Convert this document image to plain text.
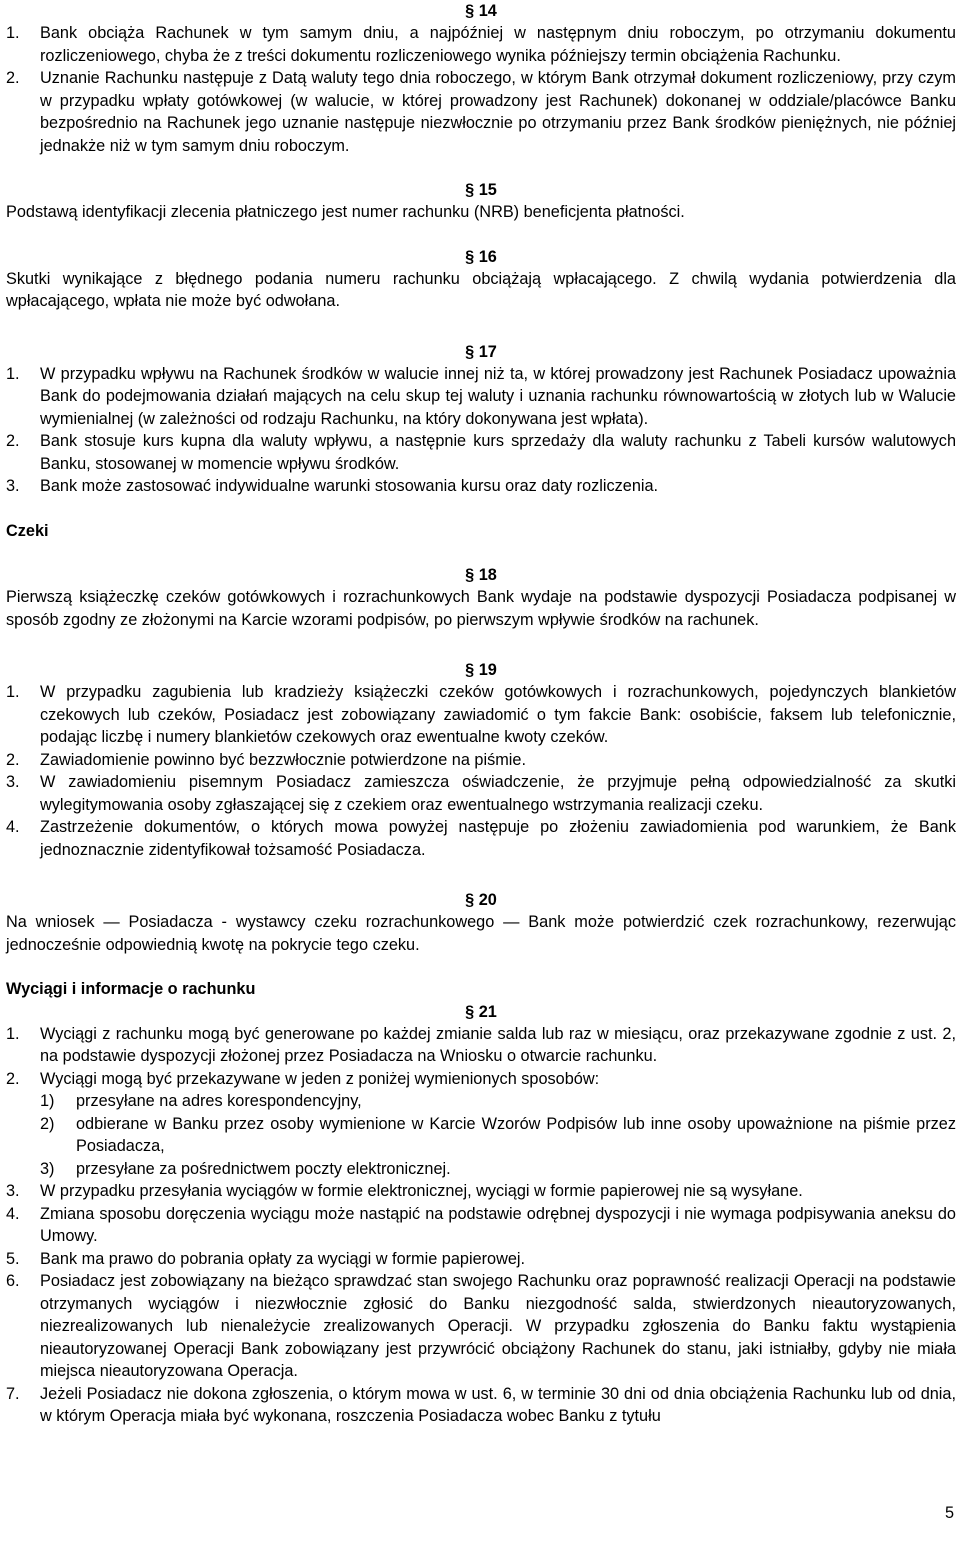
§ 14
1.	Bank obciąża Rachunek w tym samym dniu, a najpóźniej w następnym dniu roboczym, po otrzymaniu dokumentu rozliczeniowego, chyba że z treści dokumentu rozliczeniowego wynika późniejszy termin obciążenia Rachunku.
2.	Uznanie Rachunku następuje z Datą waluty tego dnia roboczego, w którym Bank otrzymał dokument rozliczeniowy, przy czym w przypadku wpłaty gotówkowej (w walucie, w której prowadzony jest Rachunek) dokonanej w oddziale/placówce Banku bezpośrednio na Rachunek jego uznanie następuje niezwłocznie po otrzymaniu przez Bank środków pieniężnych, nie później jednakże niż w tym samym dniu roboczym.
§ 15

Podstawą identyfikacji zlecenia płatniczego jest numer rachunku (NRB) beneficjenta płatności.

§ 16

Skutki wynikające z błędnego podania numeru rachunku obciążają wpłacającego. Z chwilą wydania potwierdzenia dla wpłacającego, wpłata nie może być odwołana.

§ 17
1.	W przypadku wpływu na Rachunek środków w walucie innej niż ta, w której prowadzony jest Rachunek Posiadacz upoważnia Bank do podejmowania działań mających na celu skup tej waluty i uznania rachunku równowartością w złotych lub w Walucie wymienialnej (w zależności od rodzaju Rachunku, na który dokonywana jest wpłata).
2.	Bank stosuje kurs kupna dla waluty wpływu, a następnie kurs sprzedaży dla waluty rachunku z Tabeli kursów walutowych Banku, stosowanej w momencie wpływu środków.
3.	Bank może zastosować indywidualne warunki stosowania kursu oraz daty rozliczenia.
Czeki
§ 18

Pierwszą książeczkę czeków gotówkowych i rozrachunkowych Bank wydaje na podstawie dyspozycji Posiadacza podpisanej w sposób zgodny ze złożonymi na Karcie wzorami podpisów, po pierwszym wpływie środków na rachunek.

§ 19
1.	W przypadku zagubienia lub kradzieży książeczki czeków gotówkowych i rozrachunkowych, pojedynczych blankietów czekowych lub czeków, Posiadacz jest zobowiązany zawiadomić o tym fakcie Bank: osobiście, faksem lub telefonicznie, podając liczbę i numery blankietów czekowych oraz ewentualne kwoty czeków.
2.	Zawiadomienie powinno być bezzwłocznie potwierdzone na piśmie.
3.	W zawiadomieniu pisemnym Posiadacz zamieszcza oświadczenie, że przyjmuje pełną odpowiedzialność za skutki wylegitymowania osoby zgłaszającej się z czekiem oraz ewentualnego wstrzymania realizacji czeku.
4.	Zastrzeżenie dokumentów, o których mowa powyżej następuje po złożeniu zawiadomienia pod warunkiem, że Bank jednoznacznie zidentyfikował tożsamość Posiadacza.
§ 20

Na wniosek — Posiadacza - wystawcy czeku rozrachunkowego — Bank może potwierdzić czek rozrachunkowy, rezerwując jednocześnie odpowiednią kwotę na pokrycie tego czeku.

Wyciągi i informacje o rachunku
§ 21
1.	Wyciągi z rachunku mogą być generowane po każdej zmianie salda lub raz w miesiącu, oraz przekazywane zgodnie z ust. 2, na podstawie dyspozycji złożonej przez Posiadacza na Wniosku o otwarcie rachunku.
2.	Wyciągi mogą być przekazywane w jeden z poniżej wymienionych sposobów:
1)	przesyłane na adres korespondencyjny,
2)	odbierane w Banku przez osoby wymienione w Karcie Wzorów Podpisów lub inne osoby upoważnione na piśmie przez Posiadacza,
3)	przesyłane za pośrednictwem poczty elektronicznej.
3.	W przypadku przesyłania wyciągów w formie elektronicznej, wyciągi w formie papierowej nie są wysyłane.
4.	Zmiana sposobu doręczenia wyciągu może nastąpić na podstawie odrębnej dyspozycji i nie wymaga podpisywania aneksu do Umowy.
5.	Bank ma prawo do pobrania opłaty za wyciągi w formie papierowej.
6.	Posiadacz jest zobowiązany na bieżąco sprawdzać stan swojego Rachunku oraz poprawność realizacji Operacji na podstawie otrzymanych wyciągów i niezwłocznie zgłosić do Banku niezgodność salda, stwierdzonych nieautoryzowanych, niezrealizowanych lub nienależycie zrealizowanych Operacji. W przypadku zgłoszenia do Banku faktu wystąpienia nieautoryzowanej Operacji Bank zobowiązany jest przywrócić obciążony Rachunek do stanu, jaki istniałby, gdyby nie miała miejsca nieautoryzowana Operacja.
7.	Jeżeli Posiadacz nie dokona zgłoszenia, o którym mowa w ust. 6, w terminie 30 dni od dnia obciążenia Rachunku lub od dnia, w którym Operacja miała być wykonana, roszczenia Posiadacza wobec Banku z tytułu
5
